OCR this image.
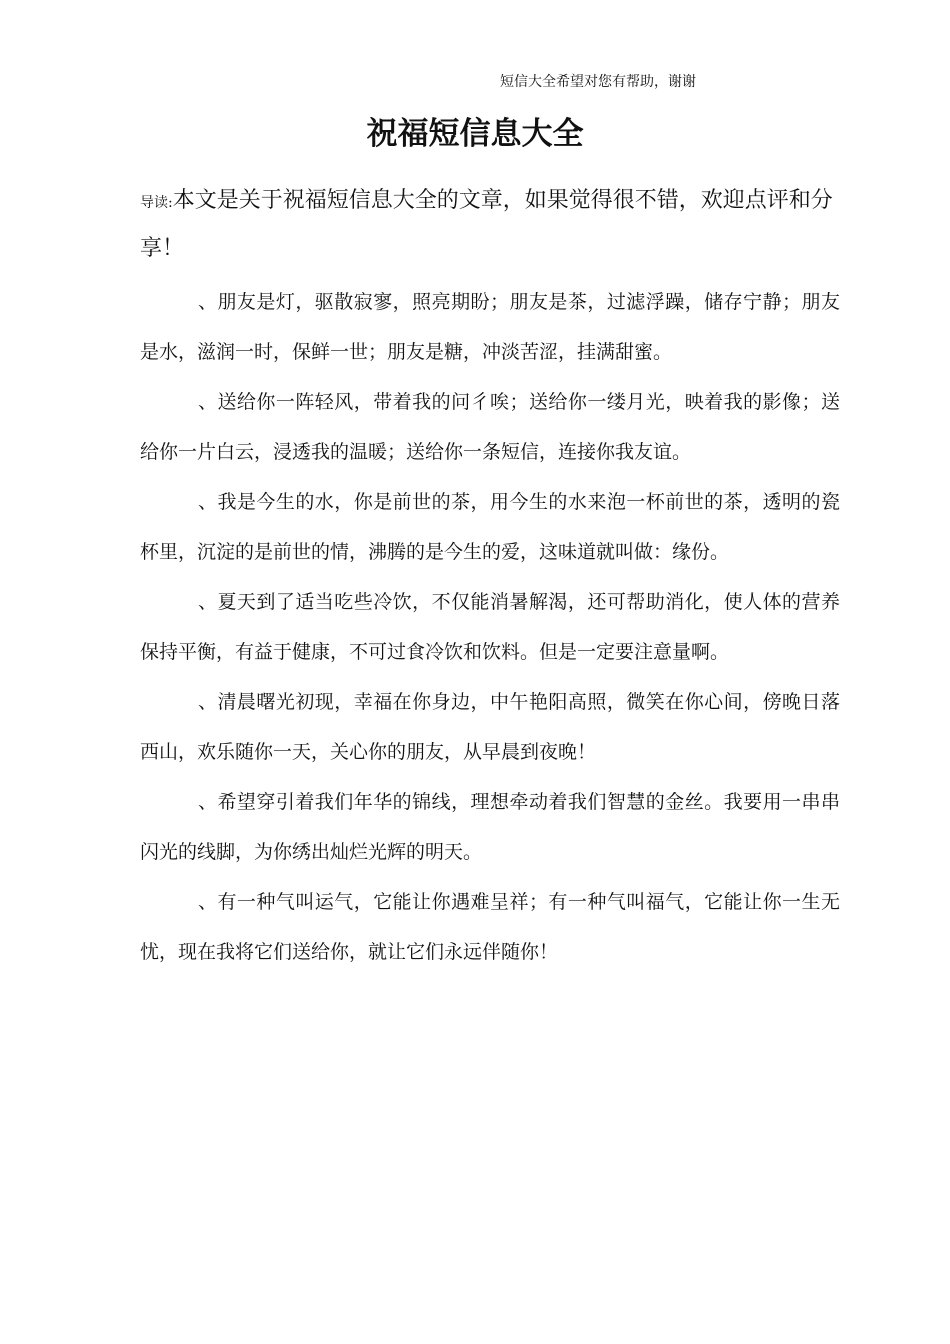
短信大全希望对您有帮助，谢谢
祝福短信息大全

导读:本文是关于祝福短信息大全的文章，如果觉得很不错，欢迎点评和分享！

、朋友是灯，驱散寂寥，照亮期盼；朋友是茶，过滤浮躁，储存宁静；朋友是水，滋润一时，保鲜一世；朋友是糖，冲淡苦涩，挂满甜蜜。

、送给你一阵轻风，带着我的问彳唉；送给你一缕月光，映着我的影像；送给你一片白云，浸透我的温暖；送给你一条短信，连接你我友谊。

、我是今生的水，你是前世的茶，用今生的水来泡一杯前世的茶，透明的瓷杯里，沉淀的是前世的情，沸腾的是今生的爱，这味道就叫做：缘份。

、夏天到了适当吃些冷饮，不仅能消暑解渴，还可帮助消化，使人体的营养保持平衡，有益于健康，不可过食冷饮和饮料。但是一定要注意量啊。

、清晨曙光初现，幸福在你身边，中午艳阳高照，微笑在你心间，傍晚日落西山，欢乐随你一天，关心你的朋友，从早晨到夜晚！

、希望穿引着我们年华的锦线，理想牵动着我们智慧的金丝。我要用一串串闪光的线脚，为你绣出灿烂光辉的明天。

、有一种气叫运气，它能让你遇难呈祥；有一种气叫福气，它能让你一生无忧，现在我将它们送给你，就让它们永远伴随你！
